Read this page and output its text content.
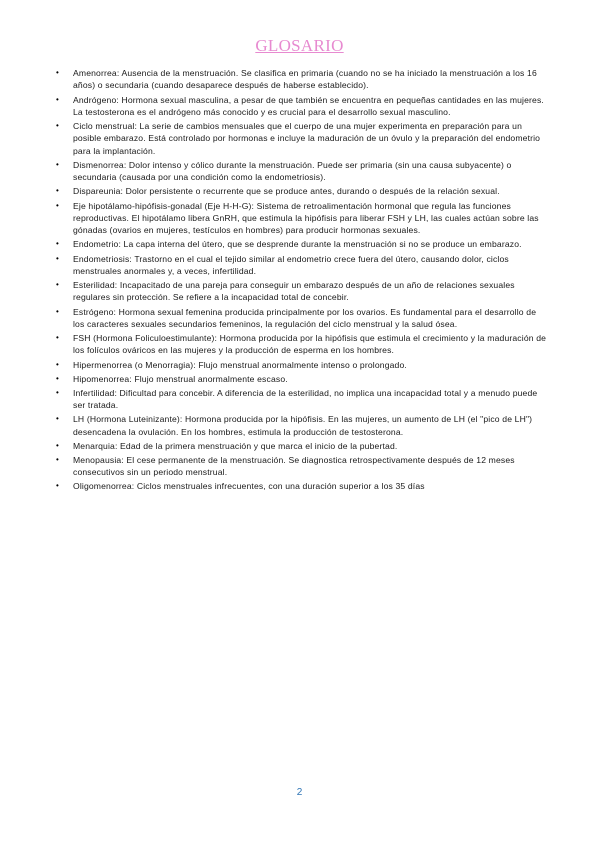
GLOSARIO
• Amenorrea: Ausencia de la menstruación. Se clasifica en primaria (cuando no se ha iniciado la menstruación a los 16 años) o secundaria (cuando desaparece después de haberse establecido).
• Andrógeno: Hormona sexual masculina, a pesar de que también se encuentra en pequeñas cantidades en las mujeres. La testosterona es el andrógeno más conocido y es crucial para el desarrollo sexual masculino.
• Ciclo menstrual: La serie de cambios mensuales que el cuerpo de una mujer experimenta en preparación para un posible embarazo. Está controlado por hormonas e incluye la maduración de un óvulo y la preparación del endometrio para la implantación.
• Dismenorrea: Dolor intenso y cólico durante la menstruación. Puede ser primaria (sin una causa subyacente) o secundaria (causada por una condición como la endometriosis).
• Dispareunia: Dolor persistente o recurrente que se produce antes, durando o después de la relación sexual.
• Eje hipotálamo-hipófisis-gonadal (Eje H-H-G): Sistema de retroalimentación hormonal que regula las funciones reproductivas. El hipotálamo libera GnRH, que estimula la hipófisis para liberar FSH y LH, las cuales actúan sobre las gónadas (ovarios en mujeres, testículos en hombres) para producir hormonas sexuales.
• Endometrio: La capa interna del útero, que se desprende durante la menstruación si no se produce un embarazo.
• Endometriosis: Trastorno en el cual el tejido similar al endometrio crece fuera del útero, causando dolor, ciclos menstruales anormales y, a veces, infertilidad.
• Esterilidad: Incapacitado de una pareja para conseguir un embarazo después de un año de relaciones sexuales regulares sin protección. Se refiere a la incapacidad total de concebir.
• Estrógeno: Hormona sexual femenina producida principalmente por los ovarios. Es fundamental para el desarrollo de los caracteres sexuales secundarios femeninos, la regulación del ciclo menstrual y la salud ósea.
• FSH (Hormona Foliculoestimulante): Hormona producida por la hipófisis que estimula el crecimiento y la maduración de los folículos ováricos en las mujeres y la producción de esperma en los hombres.
• Hipermenorrea (o Menorragia): Flujo menstrual anormalmente intenso o prolongado.
• Hipomenorrea: Flujo menstrual anormalmente escaso.
• Infertilidad: Dificultad para concebir. A diferencia de la esterilidad, no implica una incapacidad total y a menudo puede ser tratada.
• LH (Hormona Luteinizante): Hormona producida por la hipófisis. En las mujeres, un aumento de LH (el "pico de LH") desencadena la ovulación. En los hombres, estimula la producción de testosterona.
• Menarquia: Edad de la primera menstruación y que marca el inicio de la pubertad.
• Menopausia: El cese permanente de la menstruación. Se diagnostica retrospectivamente después de 12 meses consecutivos sin un periodo menstrual.
• Oligomenorrea: Ciclos menstruales infrecuentes, con una duración superior a los 35 días
2
